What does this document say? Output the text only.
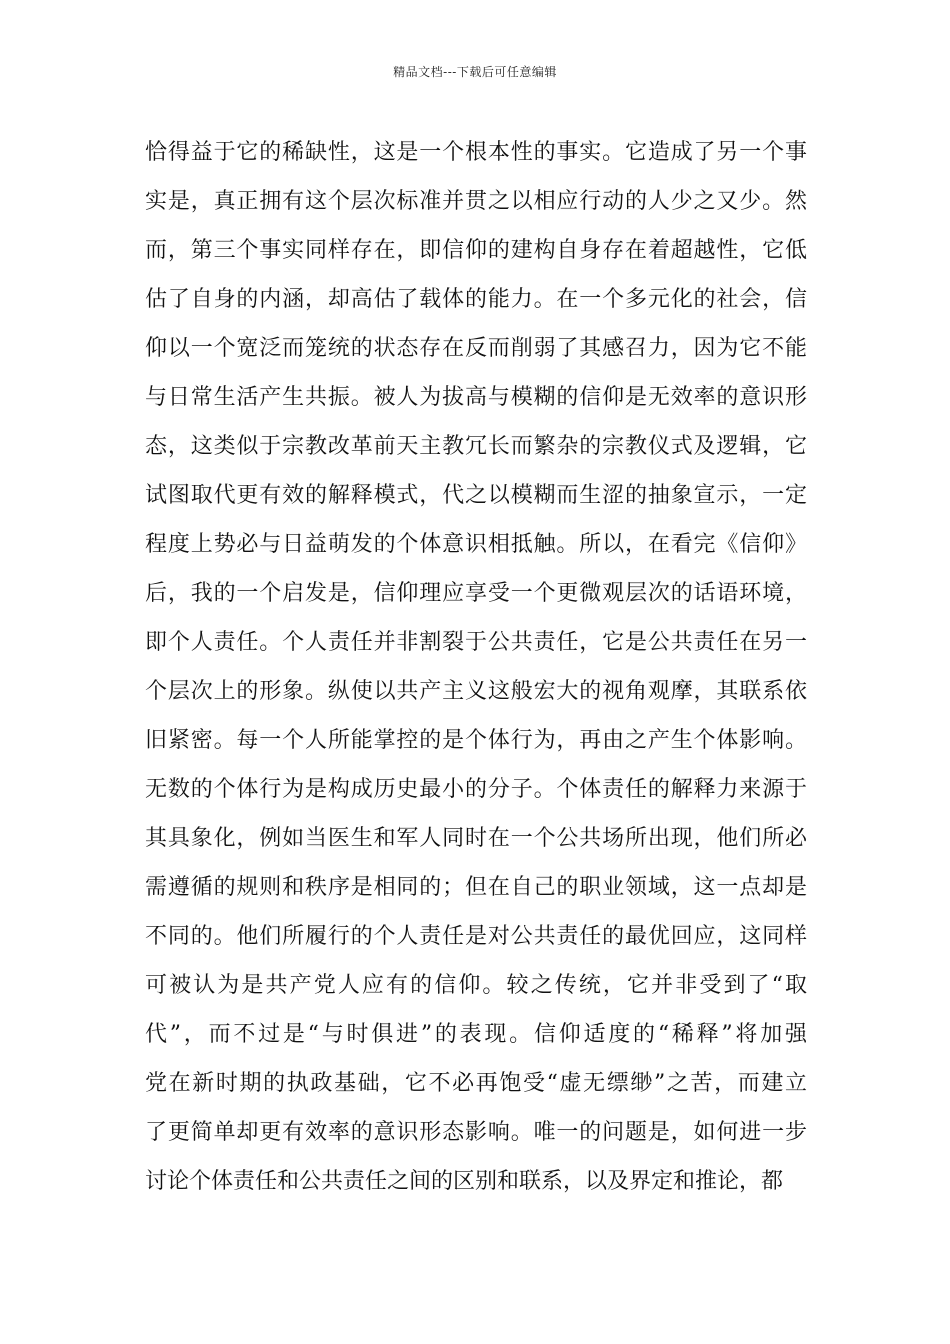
精品文档---下载后可任意编辑
恰得益于它的稀缺性，这是一个根本性的事实。它造成了另一个事
实是，真正拥有这个层次标准并贯之以相应行动的人少之又少。然
而，第三个事实同样存在，即信仰的建构自身存在着超越性，它低
估了自身的内涵，却高估了载体的能力。在一个多元化的社会，信
仰以一个宽泛而笼统的状态存在反而削弱了其感召力，因为它不能
与日常生活产生共振。被人为拔高与模糊的信仰是无效率的意识形
态，这类似于宗教改革前天主教冗长而繁杂的宗教仪式及逻辑，它
试图取代更有效的解释模式，代之以模糊而生涩的抽象宣示，一定
程度上势必与日益萌发的个体意识相抵触。所以，在看完《信仰》
后，我的一个启发是，信仰理应享受一个更微观层次的话语环境，
即个人责任。个人责任并非割裂于公共责任，它是公共责任在另一
个层次上的形象。纵使以共产主义这般宏大的视角观摩，其联系依
旧紧密。每一个人所能掌控的是个体行为，再由之产生个体影响。
无数的个体行为是构成历史最小的分子。个体责任的解释力来源于
其具象化，例如当医生和军人同时在一个公共场所出现，他们所必
需遵循的规则和秩序是相同的；但在自己的职业领域，这一点却是
不同的。他们所履行的个人责任是对公共责任的最优回应，这同样
可被认为是共产党人应有的信仰。较之传统，它并非受到了“取
代”，而不过是“与时俱进”的表现。信仰适度的“稀释”将加强
党在新时期的执政基础，它不必再饱受“虚无缥缈”之苦，而建立
了更简单却更有效率的意识形态影响。唯一的问题是，如何进一步
讨论个体责任和公共责任之间的区别和联系，以及界定和推论，都
